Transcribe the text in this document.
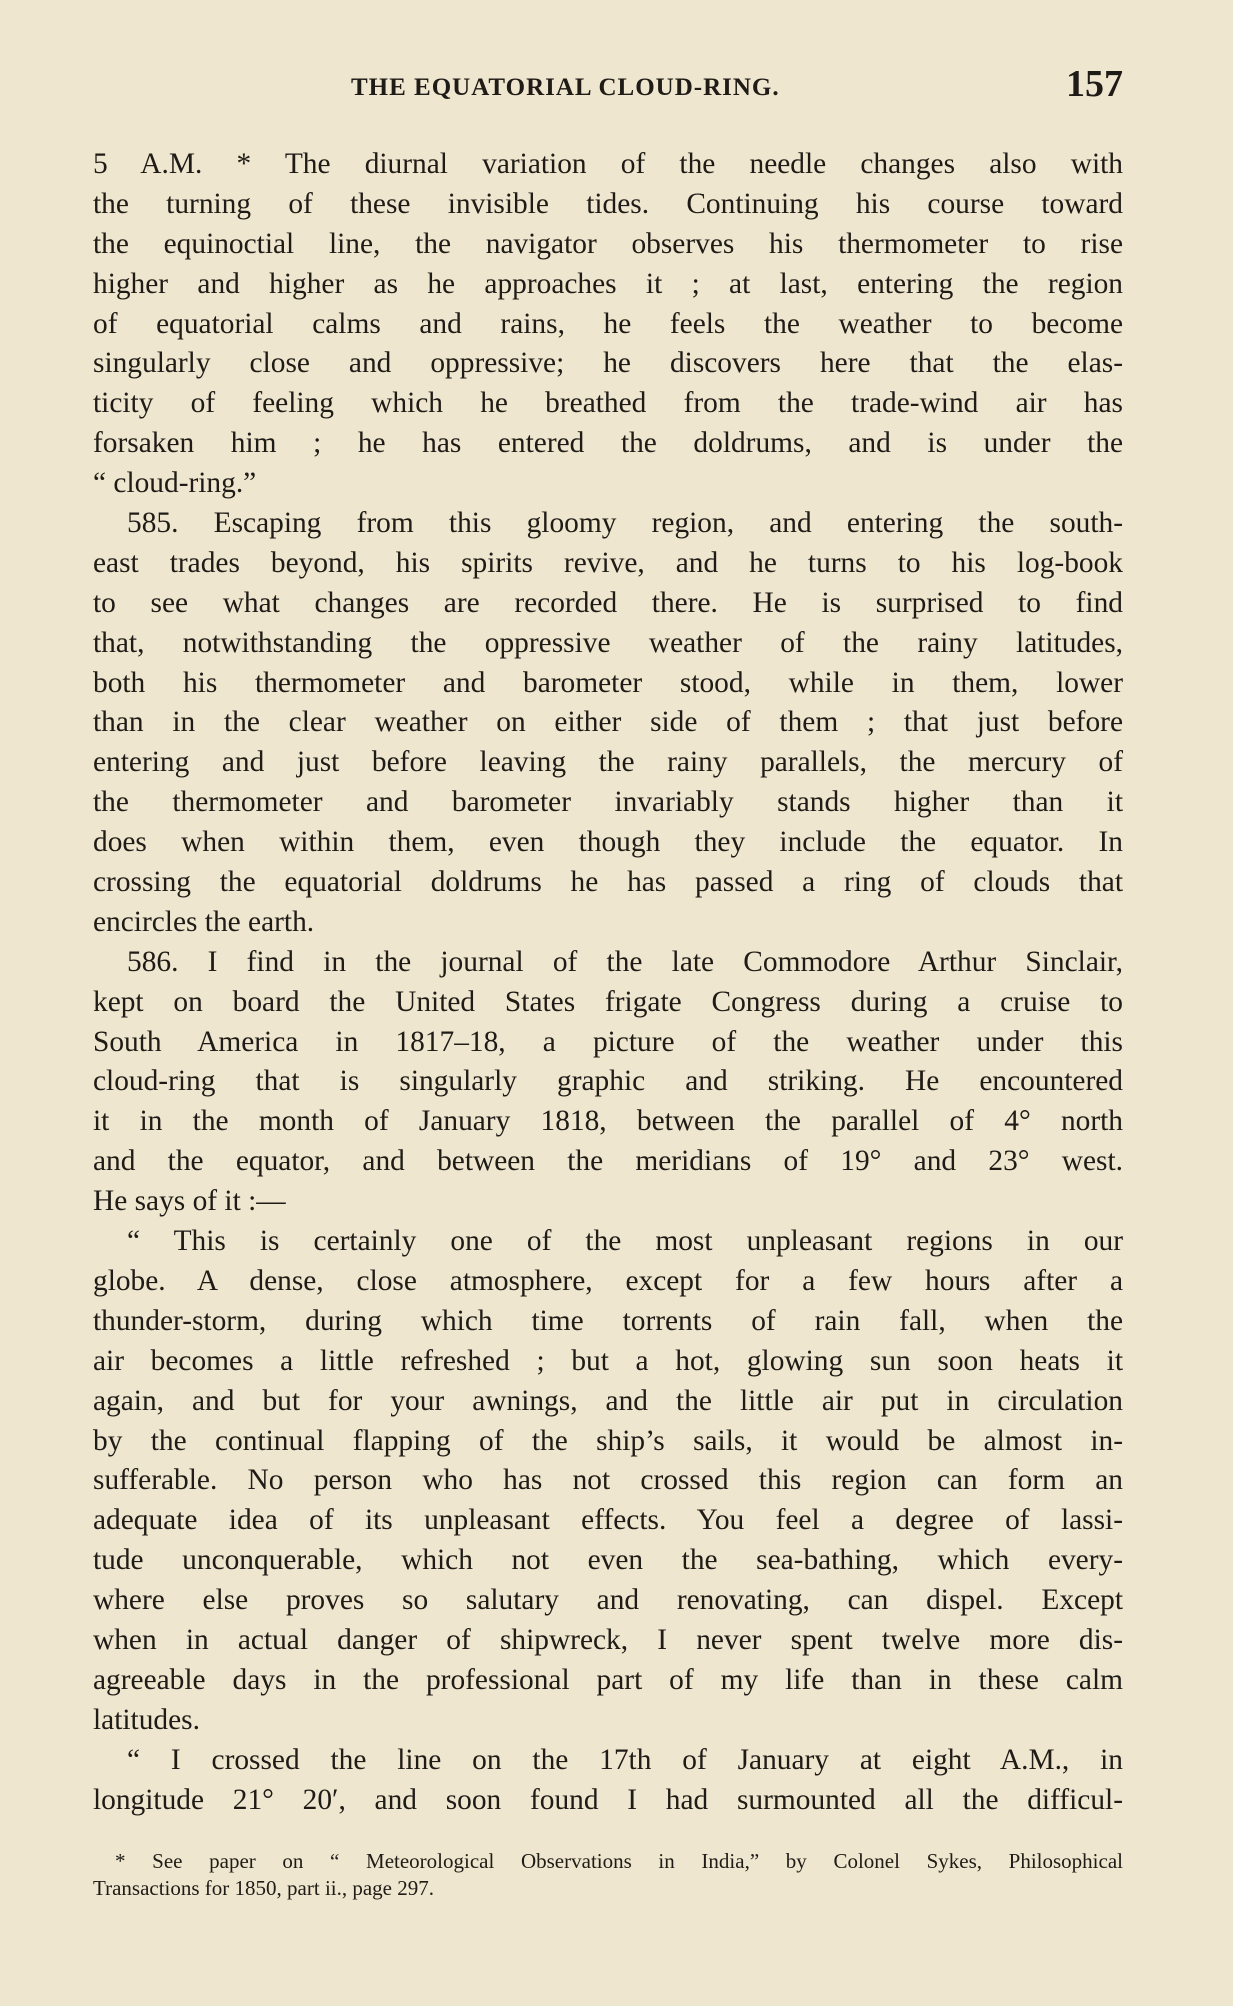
THE EQUATORIAL CLOUD-RING.	157
5 A.M. * The diurnal variation of the needle changes also with
the turning of these invisible tides. Continuing his course toward
the equinoctial line, the navigator observes his thermometer to rise
higher and higher as he approaches it ; at last, entering the region
of equatorial calms and rains, he feels the weather to become
singularly close and oppressive; he discovers here that the elas-
ticity of feeling which he breathed from the trade-wind air has
forsaken him ; he has entered the doldrums, and is under the
“ cloud-ring.”
585. Escaping from this gloomy region, and entering the south-
east trades beyond, his spirits revive, and he turns to his log-book
to see what changes are recorded there. He is surprised to find
that, notwithstanding the oppressive weather of the rainy latitudes,
both his thermometer and barometer stood, while in them, lower
than in the clear weather on either side of them ; that just before
entering and just before leaving the rainy parallels, the mercury of
the thermometer and barometer invariably stands higher than it
does when within them, even though they include the equator. In
crossing the equatorial doldrums he has passed a ring of clouds that
encircles the earth.
586. I find in the journal of the late Commodore Arthur Sinclair,
kept on board the United States frigate Congress during a cruise to
South America in 1817–18, a picture of the weather under this
cloud-ring that is singularly graphic and striking. He encountered
it in the month of January 1818, between the parallel of 4° north
and the equator, and between the meridians of 19° and 23° west.
He says of it :—
“ This is certainly one of the most unpleasant regions in our
globe. A dense, close atmosphere, except for a few hours after a
thunder-storm, during which time torrents of rain fall, when the
air becomes a little refreshed ; but a hot, glowing sun soon heats it
again, and but for your awnings, and the little air put in circulation
by the continual flapping of the ship’s sails, it would be almost in-
sufferable. No person who has not crossed this region can form an
adequate idea of its unpleasant effects. You feel a degree of lassi-
tude unconquerable, which not even the sea-bathing, which every-
where else proves so salutary and renovating, can dispel. Except
when in actual danger of shipwreck, I never spent twelve more dis-
agreeable days in the professional part of my life than in these calm
latitudes.
“ I crossed the line on the 17th of January at eight A.M., in
longitude 21° 20′, and soon found I had surmounted all the difficul-
* See paper on “ Meteorological Observations in India,” by Colonel Sykes, Philosophical
Transactions for 1850, part ii., page 297.
